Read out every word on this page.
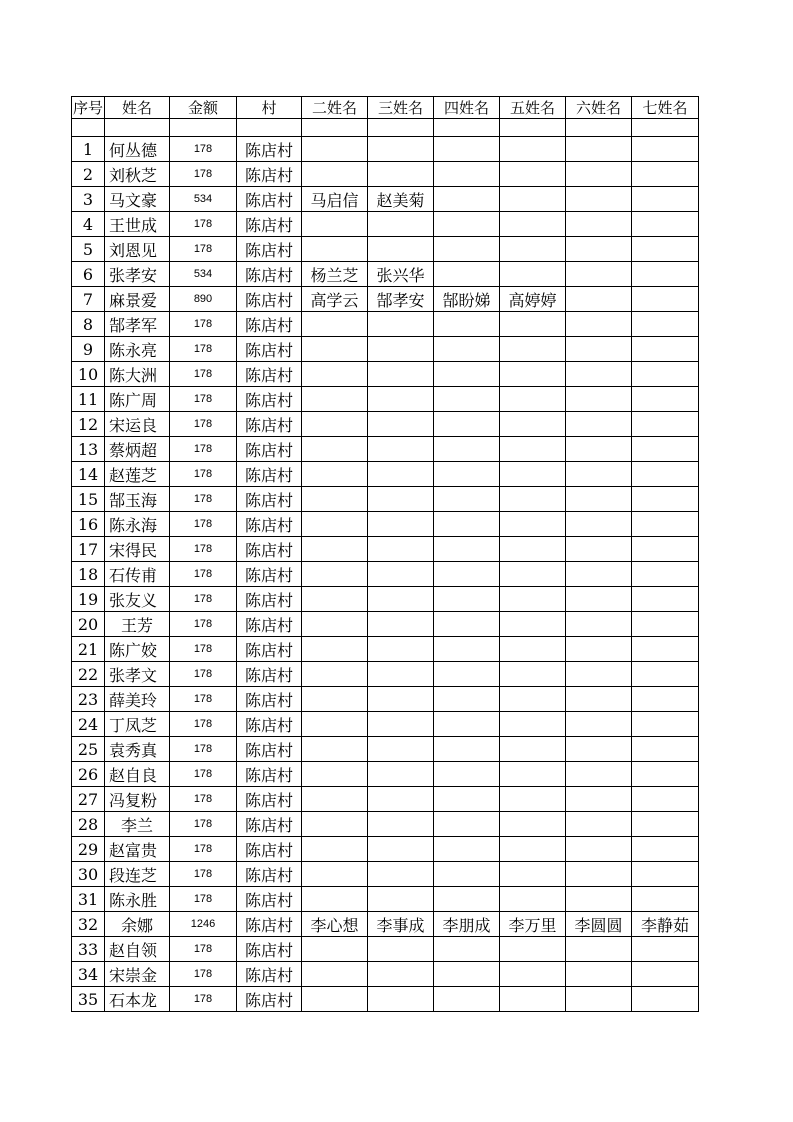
序号	姓名	金额	村	二姓名	三姓名	四姓名	五姓名	六姓名	七姓名

1	何丛德	178	陈店村						
2	刘秋芝	178	陈店村						
3	马文豪	534	陈店村	马启信	赵美菊				
4	王世成	178	陈店村						
5	刘恩见	178	陈店村						
6	张孝安	534	陈店村	杨兰芝	张兴华				
7	麻景爱	890	陈店村	高学云	郜孝安	郜盼娣	高婷婷		
8	郜孝军	178	陈店村						
9	陈永亮	178	陈店村						
10	陈大洲	178	陈店村						
11	陈广周	178	陈店村						
12	宋运良	178	陈店村						
13	蔡炳超	178	陈店村						
14	赵莲芝	178	陈店村						
15	郜玉海	178	陈店村						
16	陈永海	178	陈店村						
17	宋得民	178	陈店村						
18	石传甫	178	陈店村						
19	张友义	178	陈店村						
20	王芳	178	陈店村						
21	陈广姣	178	陈店村						
22	张孝文	178	陈店村						
23	薛美玲	178	陈店村						
24	丁凤芝	178	陈店村						
25	袁秀真	178	陈店村						
26	赵自良	178	陈店村						
27	冯复粉	178	陈店村						
28	李兰	178	陈店村						
29	赵富贵	178	陈店村						
30	段连芝	178	陈店村						
31	陈永胜	178	陈店村						
32	余娜	1246	陈店村	李心想	李事成	李朋成	李万里	李圆圆	李静茹
33	赵自领	178	陈店村						
34	宋崇金	178	陈店村						
35	石本龙	178	陈店村						
